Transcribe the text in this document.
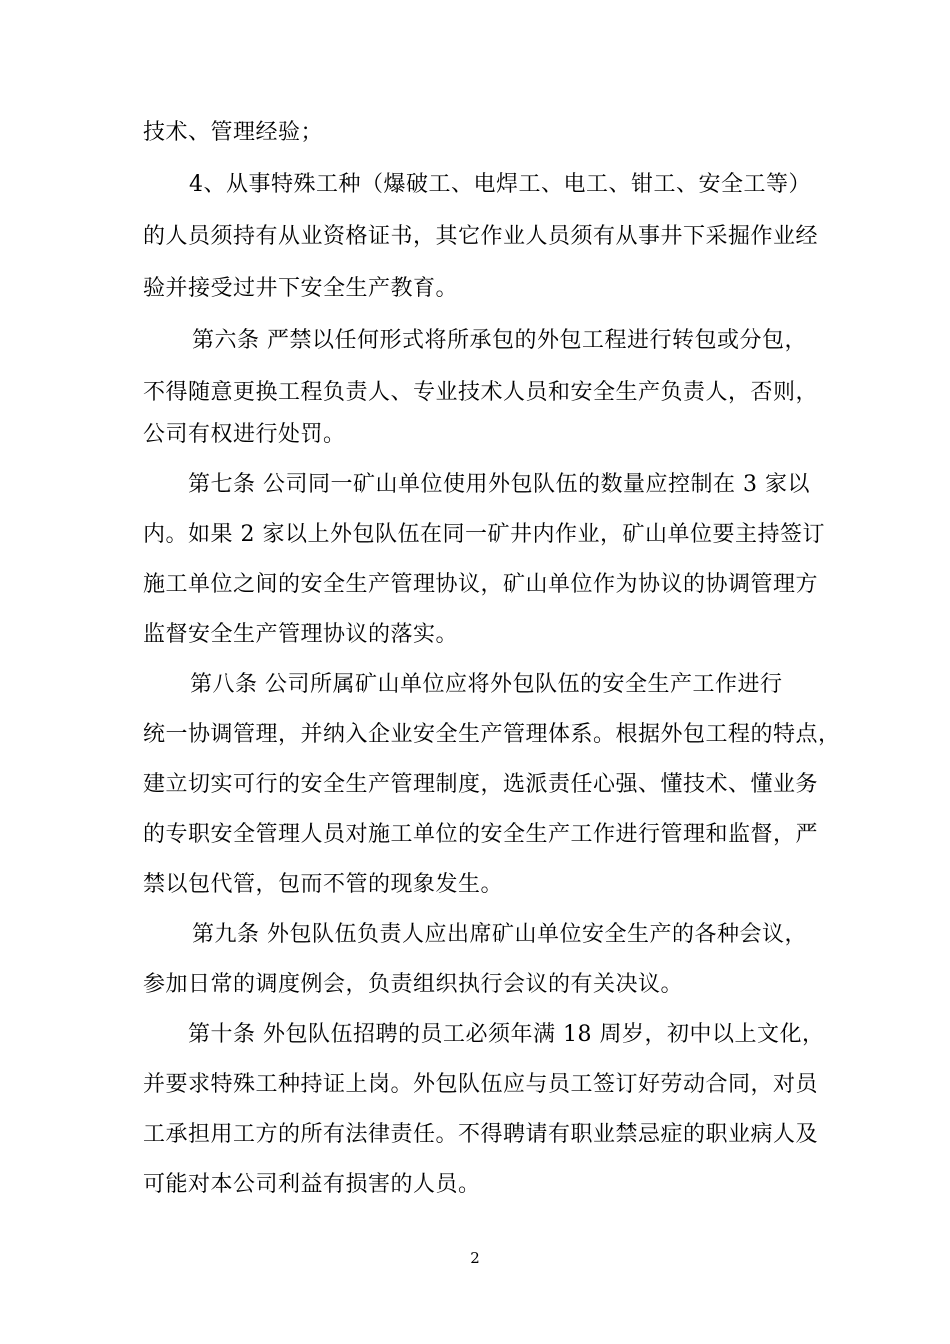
技术、管理经验；
4、从事特殊工种（爆破工、电焊工、电工、钳工、安全工等）
的人员须持有从业资格证书，其它作业人员须有从事井下采掘作业经
验并接受过井下安全生产教育。
第六条 严禁以任何形式将所承包的外包工程进行转包或分包，
不得随意更换工程负责人、专业技术人员和安全生产负责人，否则，
公司有权进行处罚。
第七条 公司同一矿山单位使用外包队伍的数量应控制在 3 家以
内。如果 2 家以上外包队伍在同一矿井内作业，矿山单位要主持签订
施工单位之间的安全生产管理协议，矿山单位作为协议的协调管理方
监督安全生产管理协议的落实。
第八条 公司所属矿山单位应将外包队伍的安全生产工作进行
统一协调管理，并纳入企业安全生产管理体系。根据外包工程的特点，
建立切实可行的安全生产管理制度，选派责任心强、懂技术、懂业务
的专职安全管理人员对施工单位的安全生产工作进行管理和监督，严
禁以包代管，包而不管的现象发生。
第九条 外包队伍负责人应出席矿山单位安全生产的各种会议，
参加日常的调度例会，负责组织执行会议的有关决议。
第十条 外包队伍招聘的员工必须年满 18 周岁，初中以上文化，
并要求特殊工种持证上岗。外包队伍应与员工签订好劳动合同，对员
工承担用工方的所有法律责任。不得聘请有职业禁忌症的职业病人及
可能对本公司利益有损害的人员。
2
